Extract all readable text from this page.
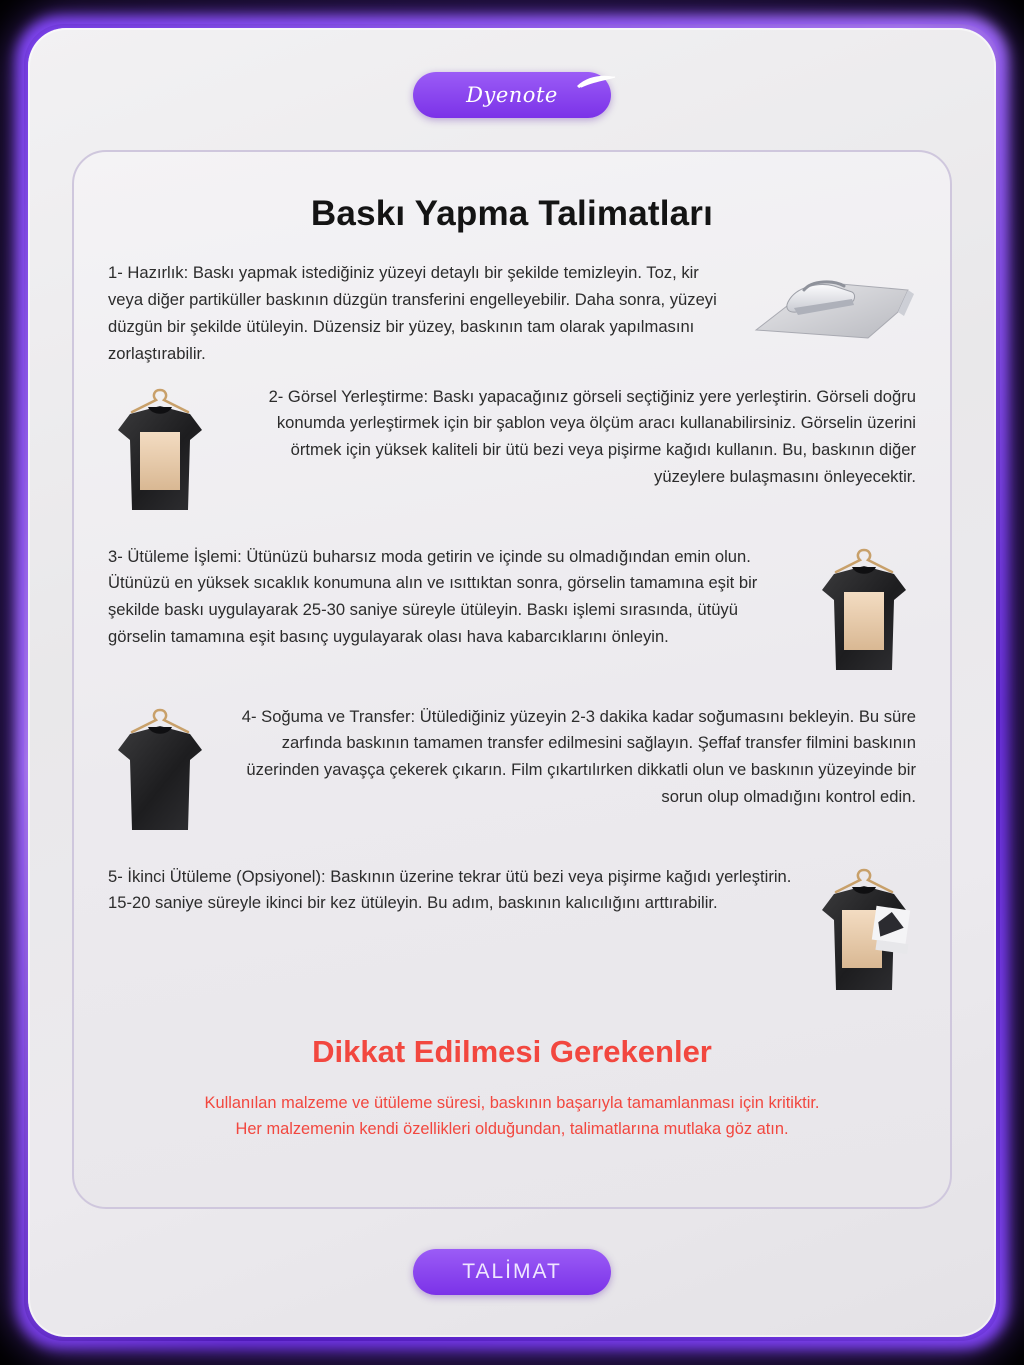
Dyenote
Baskı Yapma Talimatları

1- Hazırlık: Baskı yapmak istediğiniz yüzeyi detaylı bir şekilde temizleyin. Toz, kir veya diğer partiküller baskının düzgün transferini engelleyebilir. Daha sonra, yüzeyi düzgün bir şekilde ütüleyin. Düzensiz bir yüzey, baskının tam olarak yapılmasını zorlaştırabilir.

2- Görsel Yerleştirme: Baskı yapacağınız görseli seçtiğiniz yere yerleştirin. Görseli doğru konumda yerleştirmek için bir şablon veya ölçüm aracı kullanabilirsiniz. Görselin üzerini örtmek için yüksek kaliteli bir ütü bezi veya pişirme kağıdı kullanın. Bu, baskının diğer yüzeylere bulaşmasını önleyecektir.

3- Ütüleme İşlemi: Ütünüzü buharsız moda getirin ve içinde su olmadığından emin olun. Ütünüzü en yüksek sıcaklık konumuna alın ve ısıttıktan sonra, görselin tamamına eşit bir şekilde baskı uygulayarak 25-30 saniye süreyle ütüleyin. Baskı işlemi sırasında, ütüyü görselin tamamına eşit basınç uygulayarak olası hava kabarcıklarını önleyin.

4- Soğuma ve Transfer: Ütülediğiniz yüzeyin 2-3 dakika kadar soğumasını bekleyin. Bu süre zarfında baskının tamamen transfer edilmesini sağlayın. Şeffaf transfer filmini baskının üzerinden yavaşça çekerek çıkarın. Film çıkartılırken dikkatli olun ve baskının yüzeyinde bir sorun olup olmadığını kontrol edin.

5- İkinci Ütüleme (Opsiyonel): Baskının üzerine tekrar ütü bezi veya pişirme kağıdı yerleştirin. 15-20 saniye süreyle ikinci bir kez ütüleyin. Bu adım, baskının kalıcılığını arttırabilir.

Dikkat Edilmesi Gerekenler

Kullanılan malzeme ve ütüleme süresi, baskının başarıyla tamamlanması için kritiktir.

Her malzemenin kendi özellikleri olduğundan, talimatlarına mutlaka göz atın.

TALİMAT
